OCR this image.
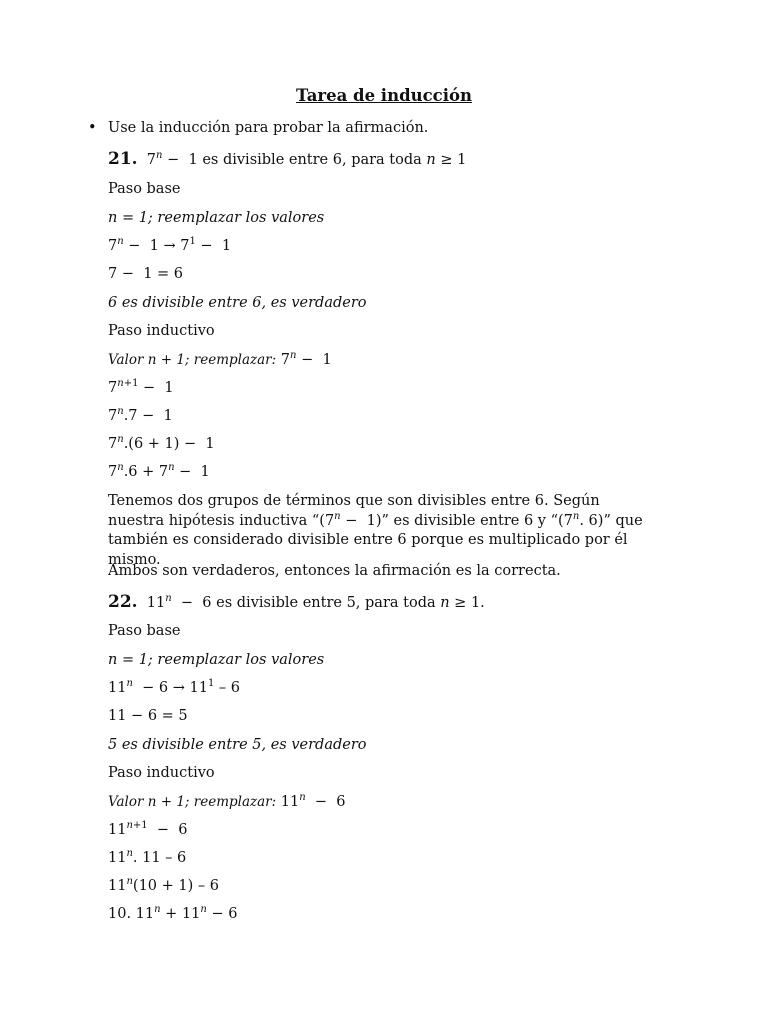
Tarea de inducción
• Use la inducción para probar la afirmación.
21.  $7^n - 1$ es divisible entre 6, para toda n ≥ 1
Paso base
n = 1; reemplazar los valores
$7^n - 1 \to 7^1 - 1$
7 −  1 = 6
6 es divisible entre 6, es verdadero
Paso inductivo
Valor n + 1; reemplazar: $7^n - 1$
$7^{n+1} - 1$
$7^n.7 - 1$
$7^n.(6 + 1) - 1$
$7^n.6 + 7^n - 1$
Tenemos dos grupos de términos que son divisibles entre 6. Según nuestra hipótesis inductiva “$(7^n - 1)$” es divisible entre 6 y “(7$^n$. 6)” que también es considerado divisible entre 6 porque es multiplicado por él mismo.
Ambos son verdaderos, entonces la afirmación es la correcta.
22.  11$^n$  −  6 es divisible entre 5, para toda n ≥ 1.
Paso base
n = 1; reemplazar los valores
$11^n - 6 \to 11^1 - 6$
11 − 6 = 5
5 es divisible entre 5, es verdadero
Paso inductivo
Valor n + 1; reemplazar: 11$^n$  −  6
$11^{n+1} - 6$
11$^n$. 11 – 6
$11^n(10 + 1) - 6$
10. $11^n + 11^n - 6$
